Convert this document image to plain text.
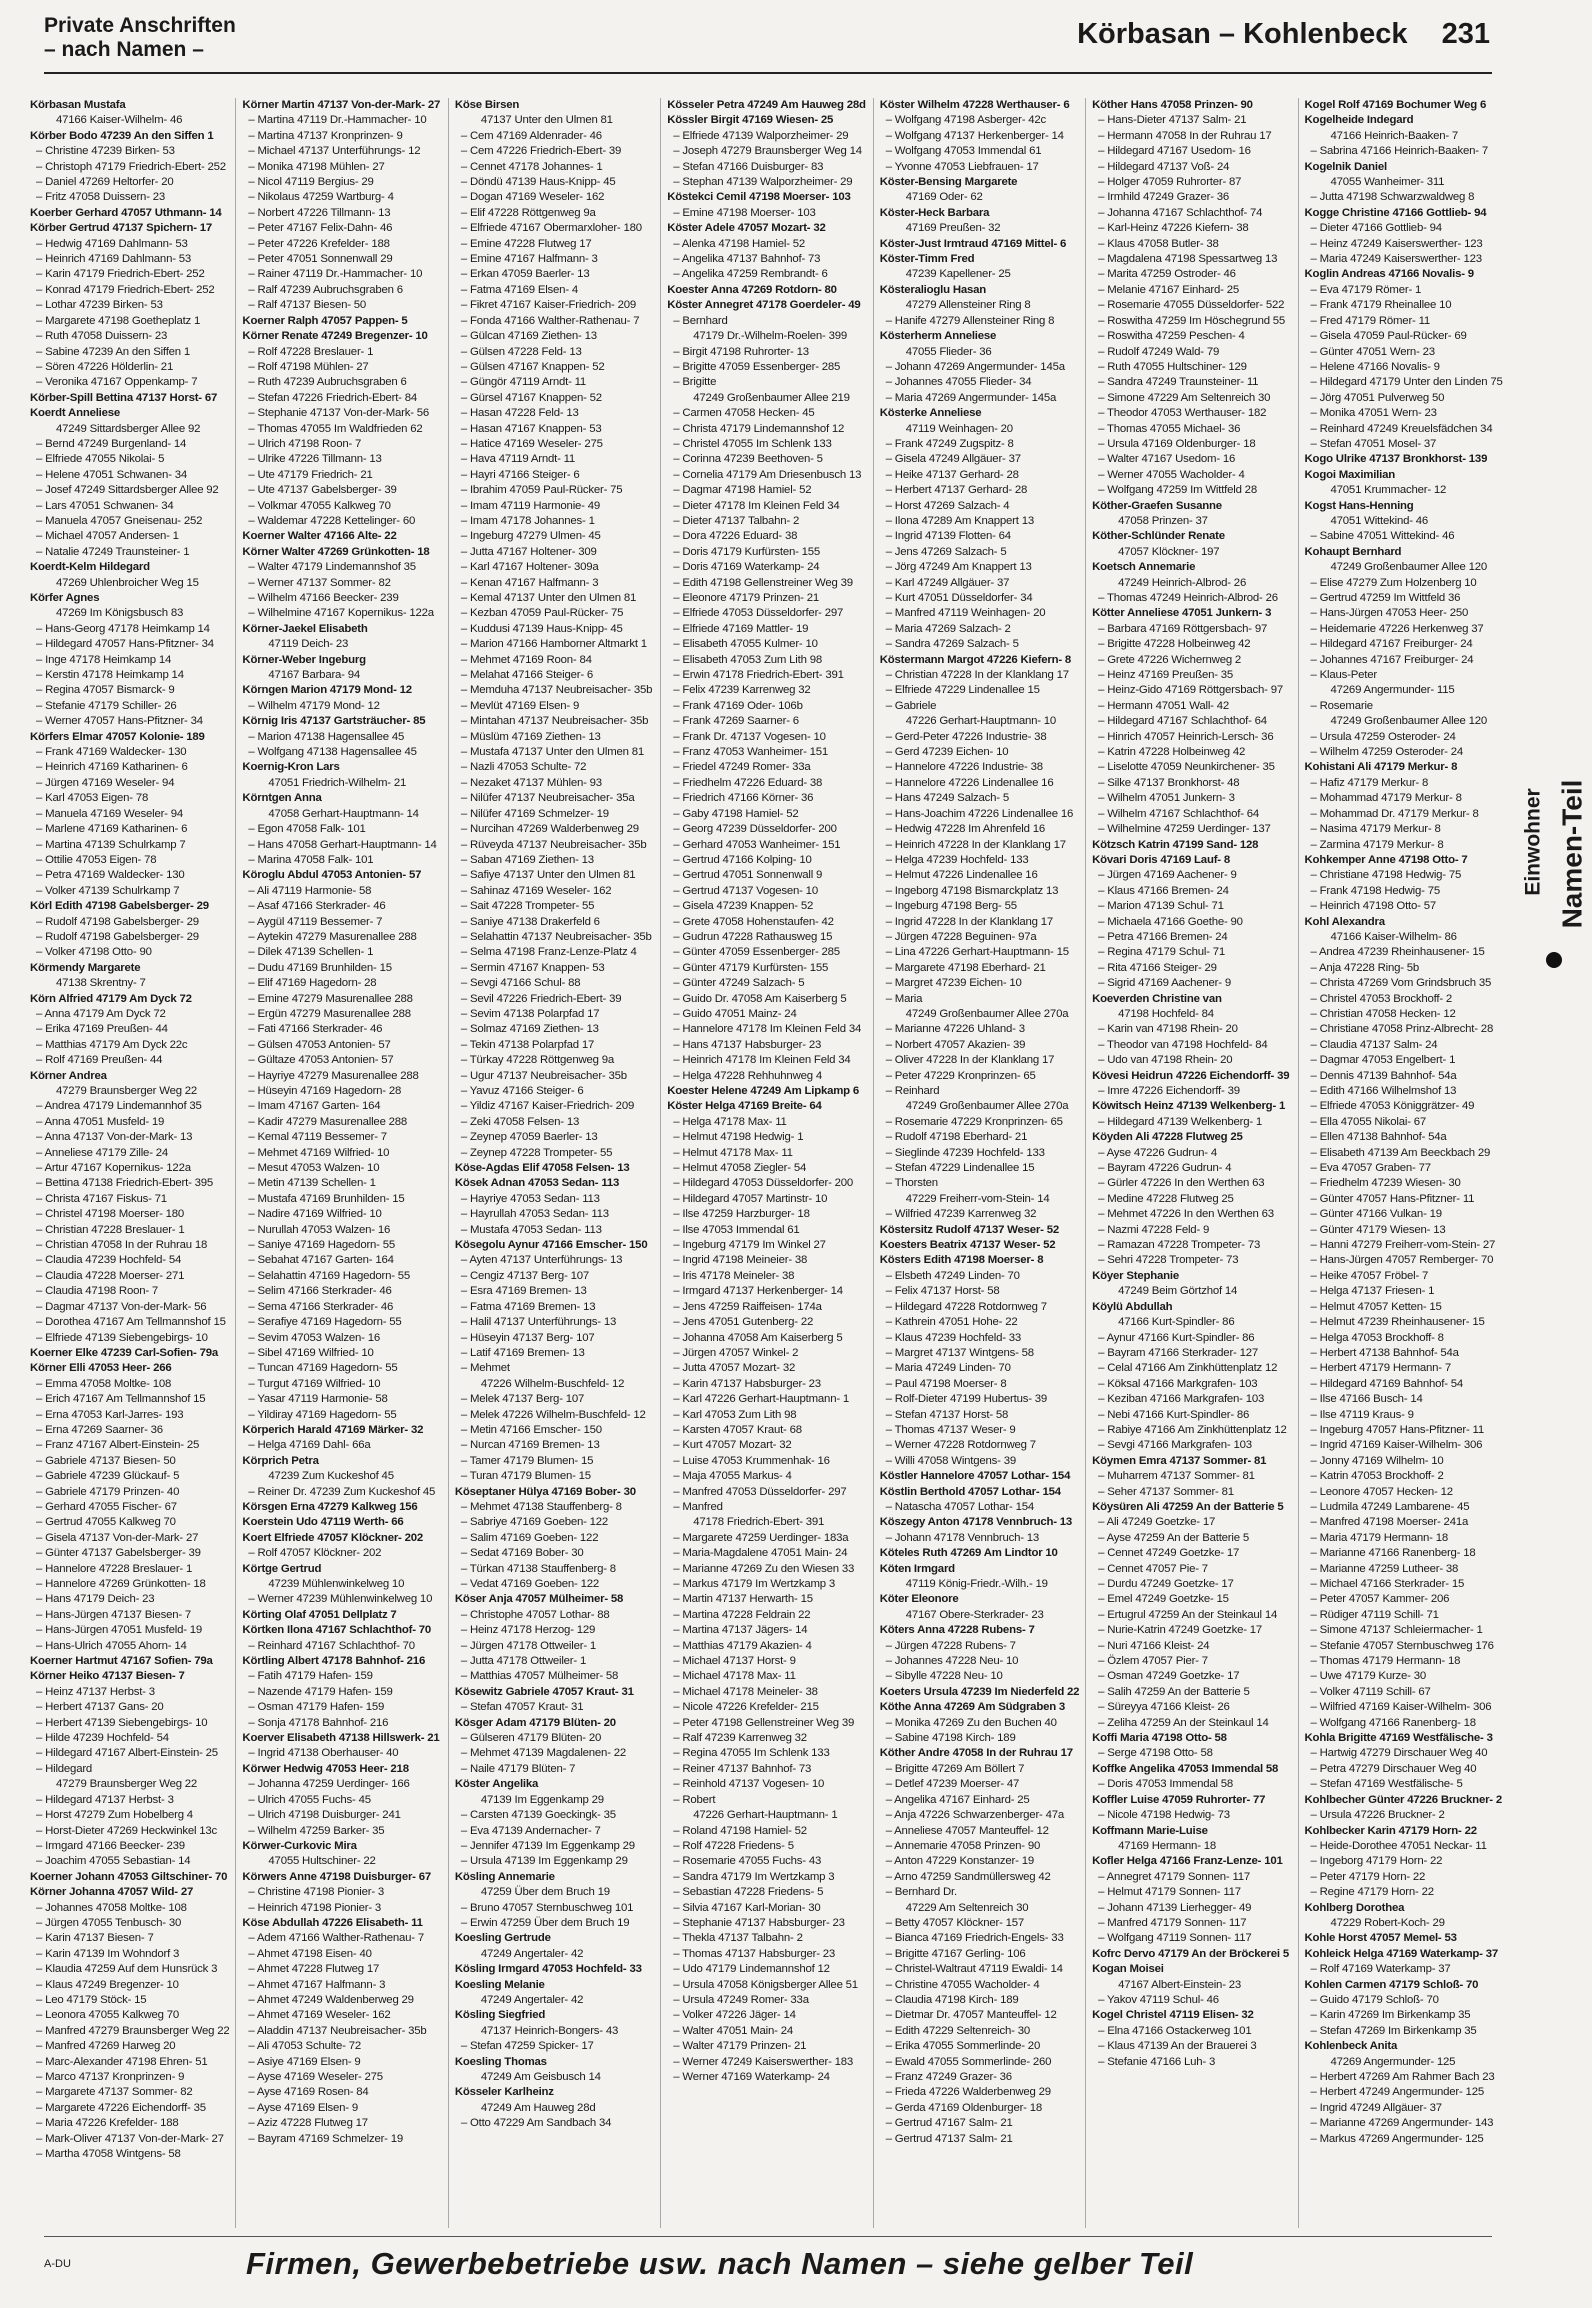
Private Anschriften
– nach Namen –	Körbasan – Kohlenbeck 231
Körbasan Mustafa
47166 Kaiser-Wilhelm- 46
Körber Bodo 47239 An den Siffen 1
– Christine 47239 Birken- 53
– Christoph 47179 Friedrich-Ebert- 252
– Daniel 47269 Heltorfer- 20
– Fritz 47058 Duissern- 23
Koerber Gerhard 47057 Uthmann- 14
Körber Gertrud 47137 Spichern- 17
– Hedwig 47169 Dahlmann- 53
– Heinrich 47169 Dahlmann- 53
– Karin 47179 Friedrich-Ebert- 252
– Konrad 47179 Friedrich-Ebert- 252
– Lothar 47239 Birken- 53
– Margarete 47198 Goetheplatz 1
– Ruth 47058 Duissern- 23
– Sabine 47239 An den Siffen 1
– Sören 47226 Hölderlin- 21
– Veronika 47167 Oppenkamp- 7
Körber-Spill Bettina 47137 Horst- 67
Koerdt Anneliese
47249 Sittardsberger Allee 92
– Bernd 47249 Burgenland- 14
– Elfriede 47055 Nikolai- 5
– Helene 47051 Schwanen- 34
– Josef 47249 Sittardsberger Allee 92
– Lars 47051 Schwanen- 34
– Manuela 47057 Gneisenau- 252
– Michael 47057 Andersen- 1
– Natalie 47249 Traunsteiner- 1
Koerdt-Kelm Hildegard
47269 Uhlenbroicher Weg 15
Körfer Agnes
47269 Im Königsbusch 83
– Hans-Georg 47178 Heimkamp 14
– Hildegard 47057 Hans-Pfitzner- 34
– Inge 47178 Heimkamp 14
– Kerstin 47178 Heimkamp 14
– Regina 47057 Bismarck- 9
– Stefanie 47179 Schiller- 26
– Werner 47057 Hans-Pfitzner- 34
Körfers Elmar 47057 Kolonie- 189
– Frank 47169 Waldecker- 130
– Heinrich 47169 Katharinen- 6
– Jürgen 47169 Weseler- 94
– Karl 47053 Eigen- 78
– Manuela 47169 Weseler- 94
– Marlene 47169 Katharinen- 6
– Martina 47139 Schulrkamp 7
– Ottilie 47053 Eigen- 78
– Petra 47169 Waldecker- 130
– Volker 47139 Schulrkamp 7
Körl Edith 47198 Gabelsberger- 29
– Rudolf 47198 Gabelsberger- 29
– Rudolf 47198 Gabelsberger- 29
– Volker 47198 Otto- 90
Körmendy Margarete
47138 Skrentny- 7
Körn Alfried 47179 Am Dyck 72
– Anna 47179 Am Dyck 72
– Erika 47169 Preußen- 44
– Matthias 47179 Am Dyck 22c
– Rolf 47169 Preußen- 44
Körner Andrea
47279 Braunsberger Weg 22
– Andrea 47179 Lindemannhof 35
– Anna 47051 Musfeld- 19
– Anna 47137 Von-der-Mark- 13
– Anneliese 47179 Zille- 24
– Artur 47167 Kopernikus- 122a
– Bettina 47138 Friedrich-Ebert- 395
– Christa 47167 Fiskus- 71
– Christel 47198 Moerser- 180
– Christian 47228 Breslauer- 1
– Christian 47058 In der Ruhrau 18
– Claudia 47239 Hochfeld- 54
– Claudia 47228 Moerser- 271
– Claudia 47198 Roon- 7
– Dagmar 47137 Von-der-Mark- 56
– Dorothea 47167 Am Tellmannshof 15
– Elfriede 47139 Siebengebirgs- 10
Koerner Elke 47239 Carl-Sofien- 79a
Körner Elli 47053 Heer- 266
– Emma 47058 Moltke- 108
– Erich 47167 Am Tellmannshof 15
– Erna 47053 Karl-Jarres- 193
– Erna 47269 Saarner- 36
– Franz 47167 Albert-Einstein- 25
– Gabriele 47137 Biesen- 50
– Gabriele 47239 Glückauf- 5
– Gabriele 47179 Prinzen- 40
– Gerhard 47055 Fischer- 67
– Gertrud 47055 Kalkweg 70
– Gisela 47137 Von-der-Mark- 27
– Günter 47137 Gabelsberger- 39
– Hannelore 47228 Breslauer- 1
– Hannelore 47269 Grünkotten- 18
– Hans 47179 Deich- 23
– Hans-Jürgen 47137 Biesen- 7
– Hans-Jürgen 47051 Musfeld- 19
– Hans-Ulrich 47055 Ahorn- 14
Koerner Hartmut 47167 Sofien- 79a
Körner Heiko 47137 Biesen- 7
– Heinz 47137 Herbst- 3
– Herbert 47137 Gans- 20
– Herbert 47139 Siebengebirgs- 10
– Hilde 47239 Hochfeld- 54
– Hildegard 47167 Albert-Einstein- 25
– Hildegard
47279 Braunsberger Weg 22
– Hildegard 47137 Herbst- 3
– Horst 47279 Zum Hobelberg 4
– Horst-Dieter 47269 Heckwinkel 13c
– Irmgard 47166 Beecker- 239
– Joachim 47055 Sebastian- 14
Koerner Johann 47053 Giltschiner- 70
Körner Johanna 47057 Wild- 27
– Johannes 47058 Moltke- 108
– Jürgen 47055 Tenbusch- 30
– Karin 47137 Biesen- 7
– Karin 47139 Im Wohndorf 3
– Klaudia 47259 Auf dem Hunsrück 3
– Klaus 47249 Bregenzer- 10
– Leo 47179 Stöck- 15
– Leonora 47055 Kalkweg 70
– Manfred 47279 Braunsberger Weg 22
– Manfred 47269 Harweg 20
– Marc-Alexander 47198 Ehren- 51
– Marco 47137 Kronprinzen- 9
– Margarete 47137 Sommer- 82
– Margarete 47226 Eichendorff- 35
– Maria 47226 Krefelder- 188
– Mark-Oliver 47137 Von-der-Mark- 27
– Martha 47058 Wintgens- 58
Körner Martin 47137 Von-der-Mark- 27
– Martina 47119 Dr.-Hammacher- 10
– Martina 47137 Kronprinzen- 9
– Michael 47137 Unterführungs- 12
– Monika 47198 Mühlen- 27
– Nicol 47119 Bergius- 29
– Nikolaus 47259 Wartburg- 4
– Norbert 47226 Tillmann- 13
– Peter 47167 Felix-Dahn- 46
– Peter 47226 Krefelder- 188
– Peter 47051 Sonnenwall 29
– Rainer 47119 Dr.-Hammacher- 10
– Ralf 47239 Aubruchsgraben 6
– Ralf 47137 Biesen- 50
Koerner Ralph 47057 Pappen- 5
Körner Renate 47249 Bregenzer- 10
– Rolf 47228 Breslauer- 1
– Rolf 47198 Mühlen- 27
– Ruth 47239 Aubruchsgraben 6
– Stefan 47226 Friedrich-Ebert- 84
– Stephanie 47137 Von-der-Mark- 56
– Thomas 47055 Im Waldfrieden 62
– Ulrich 47198 Roon- 7
– Ulrike 47226 Tillmann- 13
– Ute 47179 Friedrich- 21
– Ute 47137 Gabelsberger- 39
– Volkmar 47055 Kalkweg 70
– Waldemar 47228 Kettelinger- 60
Koerner Walter 47166 Alte- 22
Körner Walter 47269 Grünkotten- 18
– Walter 47179 Lindemannshof 35
– Werner 47137 Sommer- 82
– Wilhelm 47166 Beecker- 239
– Wilhelmine 47167 Kopernikus- 122a
Körner-Jaekel Elisabeth
47119 Deich- 23
Körner-Weber Ingeburg
47167 Barbara- 94
Körngen Marion 47179 Mond- 12
– Wilhelm 47179 Mond- 12
Körnig Iris 47137 Gartsträucher- 85
– Marion 47138 Hagensallee 45
– Wolfgang 47138 Hagensallee 45
Koernig-Kron Lars
47051 Friedrich-Wilhelm- 21
Körntgen Anna
47058 Gerhart-Hauptmann- 14
– Egon 47058 Falk- 101
– Hans 47058 Gerhart-Hauptmann- 14
– Marina 47058 Falk- 101
Köroglu Abdul 47053 Antonien- 57
– Ali 47119 Harmonie- 58
– Asaf 47166 Sterkrader- 46
– Aygül 47119 Bessemer- 7
– Aytekin 47279 Masurenallee 288
– Dilek 47139 Schellen- 1
– Dudu 47169 Brunhilden- 15
– Elif 47169 Hagedorn- 28
– Emine 47279 Masurenallee 288
– Ergün 47279 Masurenallee 288
– Fati 47166 Sterkrader- 46
– Gülsen 47053 Antonien- 57
– Gültaze 47053 Antonien- 57
– Hayriye 47279 Masurenallee 288
– Hüseyin 47169 Hagedorn- 28
– Imam 47167 Garten- 164
– Kadir 47279 Masurenallee 288
– Kemal 47119 Bessemer- 7
– Mehmet 47169 Wilfried- 10
– Mesut 47053 Walzen- 10
– Metin 47139 Schellen- 1
– Mustafa 47169 Brunhilden- 15
– Nadire 47169 Wilfried- 10
– Nurullah 47053 Walzen- 16
– Saniye 47169 Hagedorn- 55
– Sebahat 47167 Garten- 164
– Selahattin 47169 Hagedorn- 55
– Selim 47166 Sterkrader- 46
– Sema 47166 Sterkrader- 46
– Serafiye 47169 Hagedorn- 55
– Sevim 47053 Walzen- 16
– Sibel 47169 Wilfried- 10
– Tuncan 47169 Hagedorn- 55
– Turgut 47169 Wilfried- 10
– Yasar 47119 Harmonie- 58
– Yildiray 47169 Hagedorn- 55
Körperich Harald 47169 Märker- 32
– Helga 47169 Dahl- 66a
Körprich Petra
47239 Zum Kuckeshof 45
– Reiner Dr. 47239 Zum Kuckeshof 45
Körsgen Erna 47279 Kalkweg 156
Koerstein Udo 47119 Werth- 66
Koert Elfriede 47057 Klöckner- 202
– Rolf 47057 Klöckner- 202
Körtge Gertrud
47239 Mühlenwinkelweg 10
– Werner 47239 Mühlenwinkelweg 10
Körting Olaf 47051 Dellplatz 7
Körtken Ilona 47167 Schlachthof- 70
– Reinhard 47167 Schlachthof- 70
Körtling Albert 47178 Bahnhof- 216
– Fatih 47179 Hafen- 159
– Nazende 47179 Hafen- 159
– Osman 47179 Hafen- 159
– Sonja 47178 Bahnhof- 216
Koerver Elisabeth 47138 Hillswerk- 21
– Ingrid 47138 Oberhauser- 40
Körwer Hedwig 47053 Heer- 218
– Johanna 47259 Uerdinger- 166
– Ulrich 47055 Fuchs- 45
– Ulrich 47198 Duisburger- 241
– Wilhelm 47259 Barker- 35
Körwer-Curkovic Mira
47055 Hultschiner- 22
Körwers Anne 47198 Duisburger- 67
– Christine 47198 Pionier- 3
– Heinrich 47198 Pionier- 3
Köse Abdullah 47226 Elisabeth- 11
– Adem 47166 Walther-Rathenau- 7
– Ahmet 47198 Eisen- 40
– Ahmet 47228 Flutweg 17
– Ahmet 47167 Halfmann- 3
– Ahmet 47249 Waldenberweg 29
– Ahmet 47169 Weseler- 162
– Aladdin 47137 Neubreisacher- 35b
– Ali 47053 Schulte- 72
– Asiye 47169 Elsen- 9
– Ayse 47169 Weseler- 275
– Ayse 47169 Rosen- 84
– Ayse 47169 Elsen- 9
– Aziz 47228 Flutweg 17
– Bayram 47169 Schmelzer- 19
Köse Birsen
47137 Unter den Ulmen 81
– Cem 47169 Aldenrader- 46
– Cem 47226 Friedrich-Ebert- 39
– Cennet 47178 Johannes- 1
– Döndü 47139 Haus-Knipp- 45
– Dogan 47169 Weseler- 162
– Elif 47228 Röttgenweg 9a
– Elfriede 47167 Obermarxloher- 180
– Emine 47228 Flutweg 17
– Emine 47167 Halfmann- 3
– Erkan 47059 Baerler- 13
– Fatma 47169 Elsen- 4
– Fikret 47167 Kaiser-Friedrich- 209
– Fonda 47166 Walther-Rathenau- 7
– Gülcan 47169 Ziethen- 13
– Gülsen 47228 Feld- 13
– Gülsen 47167 Knappen- 52
– Güngör 47119 Arndt- 11
– Gürsel 47167 Knappen- 52
– Hasan 47228 Feld- 13
– Hasan 47167 Knappen- 53
– Hatice 47169 Weseler- 275
– Hava 47119 Arndt- 11
– Hayri 47166 Steiger- 6
– Ibrahim 47059 Paul-Rücker- 75
– Imam 47119 Harmonie- 49
– Imam 47178 Johannes- 1
– Ingeburg 47279 Ulmen- 45
– Jutta 47167 Holtener- 309
– Karl 47167 Holtener- 309a
– Kenan 47167 Halfmann- 3
– Kemal 47137 Unter den Ulmen 81
– Kezban 47059 Paul-Rücker- 75
– Kuddusi 47139 Haus-Knipp- 45
– Marion 47166 Hamborner Altmarkt 1
– Mehmet 47169 Roon- 84
– Melahat 47166 Steiger- 6
– Memduha 47137 Neubreisacher- 35b
– Mevlüt 47169 Elsen- 9
– Mintahan 47137 Neubreisacher- 35b
– Müslüm 47169 Ziethen- 13
– Mustafa 47137 Unter den Ulmen 81
– Nazli 47053 Schulte- 72
– Nezaket 47137 Mühlen- 93
– Nilüfer 47137 Neubreisacher- 35a
– Nilüfer 47169 Schmelzer- 19
– Nurcihan 47269 Walderbenweg 29
– Rüveyda 47137 Neubreisacher- 35b
– Saban 47169 Ziethen- 13
– Safiye 47137 Unter den Ulmen 81
– Sahinaz 47169 Weseler- 162
– Sait 47228 Trompeter- 55
– Saniye 47138 Drakerfeld 6
– Selahattin 47137 Neubreisacher- 35b
– Selma 47198 Franz-Lenze-Platz 4
– Sermin 47167 Knappen- 53
– Sevgi 47166 Schul- 88
– Sevil 47226 Friedrich-Ebert- 39
– Sevim 47138 Polarpfad 17
– Solmaz 47169 Ziethen- 13
– Tekin 47138 Polarpfad 17
– Türkay 47228 Röttgenweg 9a
– Ugur 47137 Neubreisacher- 35b
– Yavuz 47166 Steiger- 6
– Yildiz 47167 Kaiser-Friedrich- 209
– Zeki 47058 Felsen- 13
– Zeynep 47059 Baerler- 13
– Zeynep 47228 Trompeter- 55
Köse-Agdas Elif 47058 Felsen- 13
Kösek Adnan 47053 Sedan- 113
– Hayriye 47053 Sedan- 113
– Hayrullah 47053 Sedan- 113
– Mustafa 47053 Sedan- 113
Kösegolu Aynur 47166 Emscher- 150
– Ayten 47137 Unterführungs- 13
– Cengiz 47137 Berg- 107
– Esra 47169 Bremen- 13
– Fatma 47169 Bremen- 13
– Halil 47137 Unterführungs- 13
– Hüseyin 47137 Berg- 107
– Latif 47169 Bremen- 13
– Mehmet
47226 Wilhelm-Buschfeld- 12
– Melek 47137 Berg- 107
– Melek 47226 Wilhelm-Buschfeld- 12
– Metin 47166 Emscher- 150
– Nurcan 47169 Bremen- 13
– Tamer 47179 Blumen- 15
– Turan 47179 Blumen- 15
Köseptaner Hülya 47169 Bober- 30
– Mehmet 47138 Stauffenberg- 8
– Sabriye 47169 Goeben- 122
– Salim 47169 Goeben- 122
– Sedat 47169 Bober- 30
– Türkan 47138 Stauffenberg- 8
– Vedat 47169 Goeben- 122
Köser Anja 47057 Mülheimer- 58
– Christophe 47057 Lothar- 88
– Heinz 47178 Herzog- 129
– Jürgen 47178 Ottweiler- 1
– Jutta 47178 Ottweiler- 1
– Matthias 47057 Mülheimer- 58
Kösewitz Gabriele 47057 Kraut- 31
– Stefan 47057 Kraut- 31
Kösger Adam 47179 Blüten- 20
– Gülseren 47179 Blüten- 20
– Mehmet 47139 Magdalenen- 22
– Naile 47179 Blüten- 7
Köster Angelika
47139 Im Eggenkamp 29
– Carsten 47139 Goeckingk- 35
– Eva 47139 Andernacher- 7
– Jennifer 47139 Im Eggenkamp 29
– Ursula 47139 Im Eggenkamp 29
Kösling Annemarie
47259 Über dem Bruch 19
– Bruno 47057 Sternbuschweg 101
– Erwin 47259 Über dem Bruch 19
Koesling Gertrude
47249 Angertaler- 42
Kösling Irmgard 47053 Hochfeld- 33
Koesling Melanie
47249 Angertaler- 42
Kösling Siegfried
47137 Heinrich-Bongers- 43
– Stefan 47259 Spicker- 17
Koesling Thomas
47249 Am Geisbusch 14
Kösseler Karlheinz
47249 Am Hauweg 28d
– Otto 47229 Am Sandbach 34
Kösseler Petra 47249 Am Hauweg 28d
Kössler Birgit 47169 Wiesen- 25
– Elfriede 47139 Walporzheimer- 29
– Joseph 47279 Braunsberger Weg 14
– Stefan 47166 Duisburger- 83
– Stephan 47139 Walporzheimer- 29
Köstekci Cemil 47198 Moerser- 103
– Emine 47198 Moerser- 103
Köster Adele 47057 Mozart- 32
– Alenka 47198 Hamiel- 52
– Angelika 47137 Bahnhof- 73
– Angelika 47259 Rembrandt- 6
Koester Anna 47269 Rotdorn- 80
Köster Annegret 47178 Goerdeler- 49
– Bernhard
47179 Dr.-Wilhelm-Roelen- 399
– Birgit 47198 Ruhrorter- 13
– Brigitte 47059 Essenberger- 285
– Brigitte
47249 Großenbaumer Allee 219
– Carmen 47058 Hecken- 45
– Christa 47179 Lindemannshof 12
– Christel 47055 Im Schlenk 133
– Corinna 47239 Beethoven- 5
– Cornelia 47179 Am Driesenbusch 13
– Dagmar 47198 Hamiel- 52
– Dieter 47178 Im Kleinen Feld 34
– Dieter 47137 Talbahn- 2
– Dora 47226 Eduard- 38
– Doris 47179 Kurfürsten- 155
– Doris 47169 Waterkamp- 24
– Edith 47198 Gellenstreiner Weg 39
– Eleonore 47179 Prinzen- 21
– Elfriede 47053 Düsseldorfer- 297
– Elfriede 47169 Mattler- 19
– Elisabeth 47055 Kulmer- 10
– Elisabeth 47053 Zum Lith 98
– Erwin 47178 Friedrich-Ebert- 391
– Felix 47239 Karrenweg 32
– Frank 47169 Oder- 106b
– Frank 47269 Saarner- 6
– Frank Dr. 47137 Vogesen- 10
– Franz 47053 Wanheimer- 151
– Friedel 47249 Romer- 33a
– Friedhelm 47226 Eduard- 38
– Friedrich 47166 Körner- 36
– Gaby 47198 Hamiel- 52
– Georg 47239 Düsseldorfer- 200
– Gerhard 47053 Wanheimer- 151
– Gertrud 47166 Kolping- 10
– Gertrud 47051 Sonnenwall 9
– Gertrud 47137 Vogesen- 10
– Gisela 47239 Knappen- 52
– Grete 47058 Hohenstaufen- 42
– Gudrun 47228 Rathausweg 15
– Günter 47059 Essenberger- 285
– Günter 47179 Kurfürsten- 155
– Günter 47249 Salzach- 5
– Guido Dr. 47058 Am Kaiserberg 5
– Guido 47051 Mainz- 24
– Hannelore 47178 Im Kleinen Feld 34
– Hans 47137 Habsburger- 23
– Heinrich 47178 Im Kleinen Feld 34
– Helga 47228 Rehhuhnweg 4
Koester Helene 47249 Am Lipkamp 6
Köster Helga 47169 Breite- 64
– Helga 47178 Max- 11
– Helmut 47198 Hedwig- 1
– Helmut 47178 Max- 11
– Helmut 47058 Ziegler- 54
– Hildegard 47053 Düsseldorfer- 200
– Hildegard 47057 Martinstr- 10
– Ilse 47259 Harzburger- 18
– Ilse 47053 Immendal 61
– Ingeburg 47179 Im Winkel 27
– Ingrid 47198 Meineier- 38
– Iris 47178 Meineler- 38
– Irmgard 47137 Herkenberger- 14
– Jens 47259 Raiffeisen- 174a
– Jens 47051 Gutenberg- 22
– Johanna 47058 Am Kaiserberg 5
– Jürgen 47057 Winkel- 2
– Jutta 47057 Mozart- 32
– Karin 47137 Habsburger- 23
– Karl 47226 Gerhart-Hauptmann- 1
– Karl 47053 Zum Lith 98
– Karsten 47057 Kraut- 68
– Kurt 47057 Mozart- 32
– Luise 47053 Krummenhak- 16
– Maja 47055 Markus- 4
– Manfred 47053 Düsseldorfer- 297
– Manfred
47178 Friedrich-Ebert- 391
– Margarete 47259 Uerdinger- 183a
– Maria-Magdalene 47051 Main- 24
– Marianne 47269 Zu den Wiesen 33
– Markus 47179 Im Wertzkamp 3
– Martin 47137 Herwarth- 15
– Martina 47228 Feldrain 22
– Martina 47137 Jägers- 14
– Matthias 47179 Akazien- 4
– Michael 47137 Horst- 9
– Michael 47178 Max- 11
– Michael 47178 Meineler- 38
– Nicole 47226 Krefelder- 215
– Peter 47198 Gellenstreiner Weg 39
– Ralf 47239 Karrenweg 32
– Regina 47055 Im Schlenk 133
– Reiner 47137 Bahnhof- 73
– Reinhold 47137 Vogesen- 10
– Robert
47226 Gerhart-Hauptmann- 1
– Roland 47198 Hamiel- 52
– Rolf 47228 Friedens- 5
– Rosemarie 47055 Fuchs- 43
– Sandra 47179 Im Wertzkamp 3
– Sebastian 47228 Friedens- 5
– Silvia 47167 Karl-Morian- 30
– Stephanie 47137 Habsburger- 23
– Thekla 47137 Talbahn- 2
– Thomas 47137 Habsburger- 23
– Udo 47179 Lindemannshof 12
– Ursula 47058 Königsberger Allee 51
– Ursula 47249 Romer- 33a
– Volker 47226 Jäger- 14
– Walter 47051 Main- 24
– Walter 47179 Prinzen- 21
– Werner 47249 Kaiserswerther- 183
– Werner 47169 Waterkamp- 24
Köster Wilhelm 47228 Werthauser- 6
– Wolfgang 47198 Asberger- 42c
– Wolfgang 47137 Herkenberger- 14
– Wolfgang 47053 Immendal 61
– Yvonne 47053 Liebfrauen- 17
Köster-Bensing Margarete
47169 Oder- 62
Köster-Heck Barbara
47169 Preußen- 32
Köster-Just Irmtraud 47169 Mittel- 6
Köster-Timm Fred
47239 Kapellener- 25
Kösteralioglu Hasan
47279 Allensteiner Ring 8
– Hanife 47279 Allensteiner Ring 8
Kösterherm Anneliese
47055 Flieder- 36
– Johann 47269 Angermunder- 145a
– Johannes 47055 Flieder- 34
– Maria 47269 Angermunder- 145a
Kösterke Anneliese
47119 Weinhagen- 20
– Frank 47249 Zugspitz- 8
– Gisela 47249 Allgäuer- 37
– Heike 47137 Gerhard- 28
– Herbert 47137 Gerhard- 28
– Horst 47269 Salzach- 4
– Ilona 47289 Am Knappert 13
– Ingrid 47139 Flotten- 64
– Jens 47269 Salzach- 5
– Jörg 47249 Am Knappert 13
– Karl 47249 Allgäuer- 37
– Kurt 47051 Düsseldorfer- 34
– Manfred 47119 Weinhagen- 20
– Maria 47269 Salzach- 2
– Sandra 47269 Salzach- 5
Köstermann Margot 47226 Kiefern- 8
– Christian 47228 In der Klanklang 17
– Elfriede 47229 Lindenallee 15
– Gabriele
47226 Gerhart-Hauptmann- 10
– Gerd-Peter 47226 Industrie- 38
– Gerd 47239 Eichen- 10
– Hannelore 47226 Industrie- 38
– Hannelore 47226 Lindenallee 16
– Hans 47249 Salzach- 5
– Hans-Joachim 47226 Lindenallee 16
– Hedwig 47228 Im Ahrenfeld 16
– Heinrich 47228 In der Klanklang 17
– Helga 47239 Hochfeld- 133
– Helmut 47226 Lindenallee 16
– Ingeborg 47198 Bismarckplatz 13
– Ingeburg 47198 Berg- 55
– Ingrid 47228 In der Klanklang 17
– Jürgen 47228 Beguinen- 97a
– Lina 47226 Gerhart-Hauptmann- 15
– Margarete 47198 Eberhard- 21
– Margret 47239 Eichen- 10
– Maria
47249 Großenbaumer Allee 270a
– Marianne 47226 Uhland- 3
– Norbert 47057 Akazien- 39
– Oliver 47228 In der Klanklang 17
– Peter 47229 Kronprinzen- 65
– Reinhard
47249 Großenbaumer Allee 270a
– Rosemarie 47229 Kronprinzen- 65
– Rudolf 47198 Eberhard- 21
– Sieglinde 47239 Hochfeld- 133
– Stefan 47229 Lindenallee 15
– Thorsten
47229 Freiherr-vom-Stein- 14
– Wilfried 47239 Karrenweg 32
Köstersitz Rudolf 47137 Weser- 52
Koesters Beatrix 47137 Weser- 52
Kösters Edith 47198 Moerser- 8
– Elsbeth 47249 Linden- 70
– Felix 47137 Horst- 58
– Hildegard 47228 Rotdornweg 7
– Kathrein 47051 Hohe- 22
– Klaus 47239 Hochfeld- 33
– Margret 47137 Wintgens- 58
– Maria 47249 Linden- 70
– Paul 47198 Moerser- 8
– Rolf-Dieter 47199 Hubertus- 39
– Stefan 47137 Horst- 58
– Thomas 47137 Weser- 9
– Werner 47228 Rotdornweg 7
– Willi 47058 Wintgens- 39
Köstler Hannelore 47057 Lothar- 154
Köstlin Berthold 47057 Lothar- 154
– Natascha 47057 Lothar- 154
Köszegy Anton 47178 Vennbruch- 13
– Johann 47178 Vennbruch- 13
Köteles Ruth 47269 Am Lindtor 10
Köten Irmgard
47119 König-Friedr.-Wilh.- 19
Köter Eleonore
47167 Obere-Sterkrader- 23
Köters Anna 47228 Rubens- 7
– Jürgen 47228 Rubens- 7
– Johannes 47228 Neu- 10
– Sibylle 47228 Neu- 10
Koeters Ursula 47239 Im Niederfeld 22
Köthe Anna 47269 Am Südgraben 3
– Monika 47269 Zu den Buchen 40
– Sabine 47198 Kirch- 189
Köther Andre 47058 In der Ruhrau 17
– Brigitte 47269 Am Böllert 7
– Detlef 47239 Moerser- 47
– Angelika 47167 Einhard- 25
– Anja 47226 Schwarzenberger- 47a
– Anneliese 47057 Manteuffel- 12
– Annemarie 47058 Prinzen- 90
– Anton 47229 Konstanzer- 19
– Arno 47259 Sandmüllersweg 42
– Bernhard Dr.
47229 Am Seltenreich 30
– Betty 47057 Klöckner- 157
– Bianca 47169 Friedrich-Engels- 33
– Brigitte 47167 Gerling- 106
– Christel-Waltraut 47119 Ewaldi- 14
– Christine 47055 Wacholder- 4
– Claudia 47198 Kirch- 189
– Dietmar Dr. 47057 Manteuffel- 12
– Edith 47229 Seltenreich- 30
– Erika 47055 Sommerlinde- 20
– Ewald 47055 Sommerlinde- 260
– Franz 47249 Grazer- 36
– Frieda 47226 Walderbenweg 29
– Gerda 47169 Oldenburger- 18
– Gertrud 47167 Salm- 21
– Gertrud 47137 Salm- 21
Köther Hans 47058 Prinzen- 90
– Hans-Dieter 47137 Salm- 21
– Hermann 47058 In der Ruhrau 17
– Hildegard 47167 Usedom- 16
– Hildegard 47137 Voß- 24
– Holger 47059 Ruhrorter- 87
– Irmhild 47249 Grazer- 36
– Johanna 47167 Schlachthof- 74
– Karl-Heinz 47226 Kiefern- 38
– Klaus 47058 Butler- 38
– Magdalena 47198 Spessartweg 13
– Marita 47259 Ostroder- 46
– Melanie 47167 Einhard- 25
– Rosemarie 47055 Düsseldorfer- 522
– Roswitha 47259 Im Höschegrund 55
– Roswitha 47259 Peschen- 4
– Rudolf 47249 Wald- 79
– Ruth 47055 Hultschiner- 129
– Sandra 47249 Traunsteiner- 11
– Simone 47229 Am Seltenreich 30
– Theodor 47053 Werthauser- 182
– Thomas 47055 Michael- 36
– Ursula 47169 Oldenburger- 18
– Walter 47167 Usedom- 16
– Werner 47055 Wacholder- 4
– Wolfgang 47259 Im Wittfeld 28
Köther-Graefen Susanne
47058 Prinzen- 37
Köther-Schlünder Renate
47057 Klöckner- 197
Koetsch Annemarie
47249 Heinrich-Albrod- 26
– Thomas 47249 Heinrich-Albrod- 26
Kötter Anneliese 47051 Junkern- 3
– Barbara 47169 Röttgersbach- 97
– Brigitte 47228 Holbeinweg 42
– Grete 47226 Wichernweg 2
– Heinz 47169 Preußen- 35
– Heinz-Gido 47169 Röttgersbach- 97
– Hermann 47051 Wall- 42
– Hildegard 47167 Schlachthof- 64
– Hinrich 47057 Heinrich-Lersch- 36
– Katrin 47228 Holbeinweg 42
– Liselotte 47059 Neunkirchener- 35
– Silke 47137 Bronkhorst- 48
– Wilhelm 47051 Junkern- 3
– Wilhelm 47167 Schlachthof- 64
– Wilhelmine 47259 Uerdinger- 137
Kötzsch Katrin 47199 Sand- 128
Kövari Doris 47169 Lauf- 8
– Jürgen 47169 Aachener- 9
– Klaus 47166 Bremen- 24
– Marion 47139 Schul- 71
– Michaela 47166 Goethe- 90
– Petra 47166 Bremen- 24
– Regina 47179 Schul- 71
– Rita 47166 Steiger- 29
– Sigrid 47169 Aachener- 9
Koeverden Christine van
47198 Hochfeld- 84
– Karin van 47198 Rhein- 20
– Theodor van 47198 Hochfeld- 84
– Udo van 47198 Rhein- 20
Kövesi Heidrun 47226 Eichendorff- 39
– Imre 47226 Eichendorff- 39
Köwitsch Heinz 47139 Welkenberg- 1
– Hildegard 47139 Welkenberg- 1
Köyden Ali 47228 Flutweg 25
– Ayse 47226 Gudrun- 4
– Bayram 47226 Gudrun- 4
– Gürler 47226 In den Werthen 63
– Medine 47228 Flutweg 25
– Mehmet 47226 In den Werthen 63
– Nazmi 47228 Feld- 9
– Ramazan 47228 Trompeter- 73
– Sehri 47228 Trompeter- 73
Köyer Stephanie
47249 Beim Görtzhof 14
Köylü Abdullah
47166 Kurt-Spindler- 86
– Aynur 47166 Kurt-Spindler- 86
– Bayram 47166 Sterkrader- 127
– Celal 47166 Am Zinkhüttenplatz 12
– Köksal 47166 Markgrafen- 103
– Keziban 47166 Markgrafen- 103
– Nebi 47166 Kurt-Spindler- 86
– Rabiye 47166 Am Zinkhüttenplatz 12
– Sevgi 47166 Markgrafen- 103
Köymen Emra 47137 Sommer- 81
– Muharrem 47137 Sommer- 81
– Seher 47137 Sommer- 81
Köysüren Ali 47259 An der Batterie 5
– Ali 47249 Goetzke- 17
– Ayse 47259 An der Batterie 5
– Cennet 47249 Goetzke- 17
– Cennet 47057 Pie- 7
– Durdu 47249 Goetzke- 17
– Emel 47249 Goetzke- 15
– Ertugrul 47259 An der Steinkaul 14
– Nurie-Katrin 47249 Goetzke- 17
– Nuri 47166 Kleist- 24
– Özlem 47057 Pier- 7
– Osman 47249 Goetzke- 17
– Salih 47259 An der Batterie 5
– Süreyya 47166 Kleist- 26
– Zeliha 47259 An der Steinkaul 14
Koffi Maria 47198 Otto- 58
– Serge 47198 Otto- 58
Koffke Angelika 47053 Immendal 58
– Doris 47053 Immendal 58
Koffler Luise 47059 Ruhrorter- 77
– Nicole 47198 Hedwig- 73
Koffmann Marie-Luise
47169 Hermann- 18
Kofler Helga 47166 Franz-Lenze- 101
– Annegret 47179 Sonnen- 117
– Helmut 47179 Sonnen- 117
– Johann 47139 Lierhegger- 49
– Manfred 47179 Sonnen- 117
– Wolfgang 47119 Sonnen- 117
Kofrc Dervo 47179 An der Bröckerei 5
Kogan Moisei
47167 Albert-Einstein- 23
– Yakov 47119 Schul- 46
Kogel Christel 47119 Elisen- 32
– Elna 47166 Ostackerweg 101
– Klaus 47139 An der Brauerei 3
– Stefanie 47166 Luh- 3
Kogel Rolf 47169 Bochumer Weg 6
Kogelheide Indegard
47166 Heinrich-Baaken- 7
– Sabrina 47166 Heinrich-Baaken- 7
Kogelnik Daniel
47055 Wanheimer- 311
– Jutta 47198 Schwarzwaldweg 8
Kogge Christine 47166 Gottlieb- 94
– Dieter 47166 Gottlieb- 94
– Heinz 47249 Kaiserswerther- 123
– Maria 47249 Kaiserswerther- 123
Koglin Andreas 47166 Novalis- 9
– Eva 47179 Römer- 1
– Frank 47179 Rheinallee 10
– Fred 47179 Römer- 11
– Gisela 47059 Paul-Rücker- 69
– Günter 47051 Wern- 23
– Helene 47166 Novalis- 9
– Hildegard 47179 Unter den Linden 75
– Jörg 47051 Pulverweg 50
– Monika 47051 Wern- 23
– Reinhard 47249 Kreuelsfädchen 34
– Stefan 47051 Mosel- 37
Kogo Ulrike 47137 Bronkhorst- 139
Kogoi Maximilian
47051 Krummacher- 12
Kogst Hans-Henning
47051 Wittekind- 46
– Sabine 47051 Wittekind- 46
Kohaupt Bernhard
47249 Großenbaumer Allee 120
– Elise 47279 Zum Holzenberg 10
– Gertrud 47259 Im Wittfeld 36
– Hans-Jürgen 47053 Heer- 250
– Heidemarie 47226 Herkenweg 37
– Hildegard 47167 Freiburger- 24
– Johannes 47167 Freiburger- 24
– Klaus-Peter
47269 Angermunder- 115
– Rosemarie
47249 Großenbaumer Allee 120
– Ursula 47259 Osteroder- 24
– Wilhelm 47259 Osteroder- 24
Kohistani Ali 47179 Merkur- 8
– Hafiz 47179 Merkur- 8
– Mohammad 47179 Merkur- 8
– Mohammad Dr. 47179 Merkur- 8
– Nasima 47179 Merkur- 8
– Zarmina 47179 Merkur- 8
Kohkemper Anne 47198 Otto- 7
– Christiane 47198 Hedwig- 75
– Frank 47198 Hedwig- 75
– Heinrich 47198 Otto- 57
Kohl Alexandra
47166 Kaiser-Wilhelm- 86
– Andrea 47239 Rheinhausener- 15
– Anja 47228 Ring- 5b
– Christa 47269 Vom Grindsbruch 35
– Christel 47053 Brockhoff- 2
– Christian 47058 Hecken- 12
– Christiane 47058 Prinz-Albrecht- 28
– Claudia 47137 Salm- 24
– Dagmar 47053 Engelbert- 1
– Dennis 47139 Bahnhof- 54a
– Edith 47166 Wilhelmshof 13
– Elfriede 47053 Königgrätzer- 49
– Ella 47055 Nikolai- 67
– Ellen 47138 Bahnhof- 54a
– Elisabeth 47139 Am Beeckbach 29
– Eva 47057 Graben- 77
– Friedhelm 47239 Wiesen- 30
– Günter 47057 Hans-Pfitzner- 11
– Günter 47166 Vulkan- 19
– Günter 47179 Wiesen- 13
– Hanni 47279 Freiherr-vom-Stein- 27
– Hans-Jürgen 47057 Remberger- 70
– Heike 47057 Fröbel- 7
– Helga 47137 Friesen- 1
– Helmut 47057 Ketten- 15
– Helmut 47239 Rheinhausener- 15
– Helga 47053 Brockhoff- 8
– Herbert 47138 Bahnhof- 54a
– Herbert 47179 Hermann- 7
– Hildegard 47169 Bahnhof- 54
– Ilse 47166 Busch- 14
– Ilse 47119 Kraus- 9
– Ingeburg 47057 Hans-Pfitzner- 11
– Ingrid 47169 Kaiser-Wilhelm- 306
– Jonny 47169 Wilhelm- 10
– Katrin 47053 Brockhoff- 2
– Leonore 47057 Hecken- 12
– Ludmila 47249 Lambarene- 45
– Manfred 47198 Moerser- 241a
– Maria 47179 Hermann- 18
– Marianne 47166 Ranenberg- 18
– Marianne 47259 Lutheer- 38
– Michael 47166 Sterkrader- 15
– Peter 47057 Kammer- 206
– Rüdiger 47119 Schill- 71
– Simone 47137 Schleiermacher- 1
– Stefanie 47057 Sternbuschweg 176
– Thomas 47179 Hermann- 18
– Uwe 47179 Kurze- 30
– Volker 47119 Schill- 67
– Wilfried 47169 Kaiser-Wilhelm- 306
– Wolfgang 47166 Ranenberg- 18
Kohla Brigitte 47169 Westfälische- 3
– Hartwig 47279 Dirschauer Weg 40
– Petra 47279 Dirschauer Weg 40
– Stefan 47169 Westfälische- 5
Kohlbecher Günter 47226 Bruckner- 2
– Ursula 47226 Bruckner- 2
Kohlbecker Karin 47179 Horn- 22
– Heide-Dorothee 47051 Neckar- 11
– Ingeborg 47179 Horn- 22
– Peter 47179 Horn- 22
– Regine 47179 Horn- 22
Kohlberg Dorothea
47229 Robert-Koch- 29
Kohle Horst 47057 Memel- 53
Kohleick Helga 47169 Waterkamp- 37
– Rolf 47169 Waterkamp- 37
Kohlen Carmen 47179 Schloß- 70
– Guido 47179 Schloß- 70
– Karin 47269 Im Birkenkamp 35
– Stefan 47269 Im Birkenkamp 35
Kohlenbeck Anita
47269 Angermunder- 125
– Herbert 47269 Am Rahmer Bach 23
– Herbert 47249 Angermunder- 125
– Ingrid 47249 Allgäuer- 37
– Marianne 47269 Angermunder- 143
– Markus 47269 Angermunder- 125
Einwohner Namen-Teil
A-DU	Firmen, Gewerbebetriebe usw. nach Namen – siehe gelber Teil
